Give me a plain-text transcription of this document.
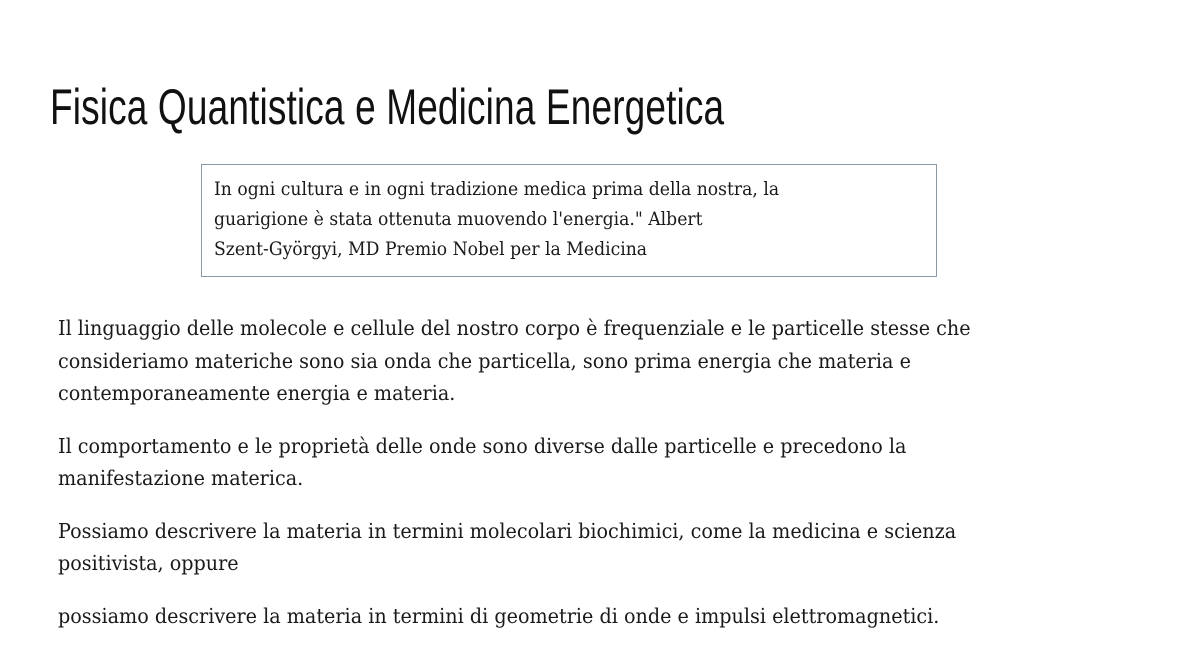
Fisica Quantistica e Medicina Energetica

In ogni cultura e in ogni tradizione medica prima della nostra, la
guarigione è stata ottenuta muovendo l'energia." Albert
Szent-Györgyi, MD Premio Nobel per la Medicina

Il linguaggio delle molecole e cellule del nostro corpo è frequenziale e le particelle stesse che
consideriamo materiche sono sia onda che particella, sono prima energia che materia e
contemporaneamente energia e materia.

Il comportamento e le proprietà delle onde sono diverse dalle particelle e precedono la
manifestazione materica.

Possiamo descrivere la materia in termini molecolari biochimici, come la medicina e scienza
positivista, oppure

possiamo descrivere la materia in termini di geometrie di onde e impulsi elettromagnetici.
